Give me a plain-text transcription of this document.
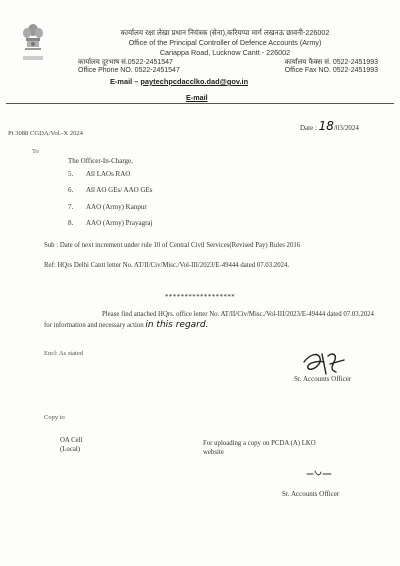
कार्यालय रक्षा लेखा प्रधान नियंत्रक (सेना),करियप्पा मार्ग लखनऊ छावनी-226002
Office of the Principal Controller of Defence Accounts (Army)
Cariappa Road, Lucknow Cantt - 226002
कार्यालय दूरभाष सं.0522-2451547	कार्यालय फैक्स सं. 0522-2451993
Office Phone NO. 0522-2451547	Office Fax NO. 0522-2451993
E-mail – paytechpcdacclko.dad@gov.in
E-mail
Pt 3088 CGDA/Vol.-X 2024
Date : 18/03/2024
To
The Officer-In-Charge,
5. All LAOs RAO
6. All AO GEs/ AAO GEs
7. AAO (Army) Kanpur
8. AAO (Army) Prayagraj
Sub : Date of next increment under rule 10 of Central Civil Services(Revised Pay) Rules 2016
Ref: HQrs Delhi Cantt letter No. AT/II/Civ/Misc./Vol-III/2023/E-49444 dated 07.03.2024.
******************
Please find attached HQrs. office letter No. AT/II/Civ/Misc./Vol-III/2023/E-49444 dated 07.03.2024 for information and necessary action in this regard.
Encl: As stated
Sr. Accounts Officer
Copy to
OA Cell
(Local)
For uploading a copy on PCDA (A) LKO
website
Sr. Accounts Officer
